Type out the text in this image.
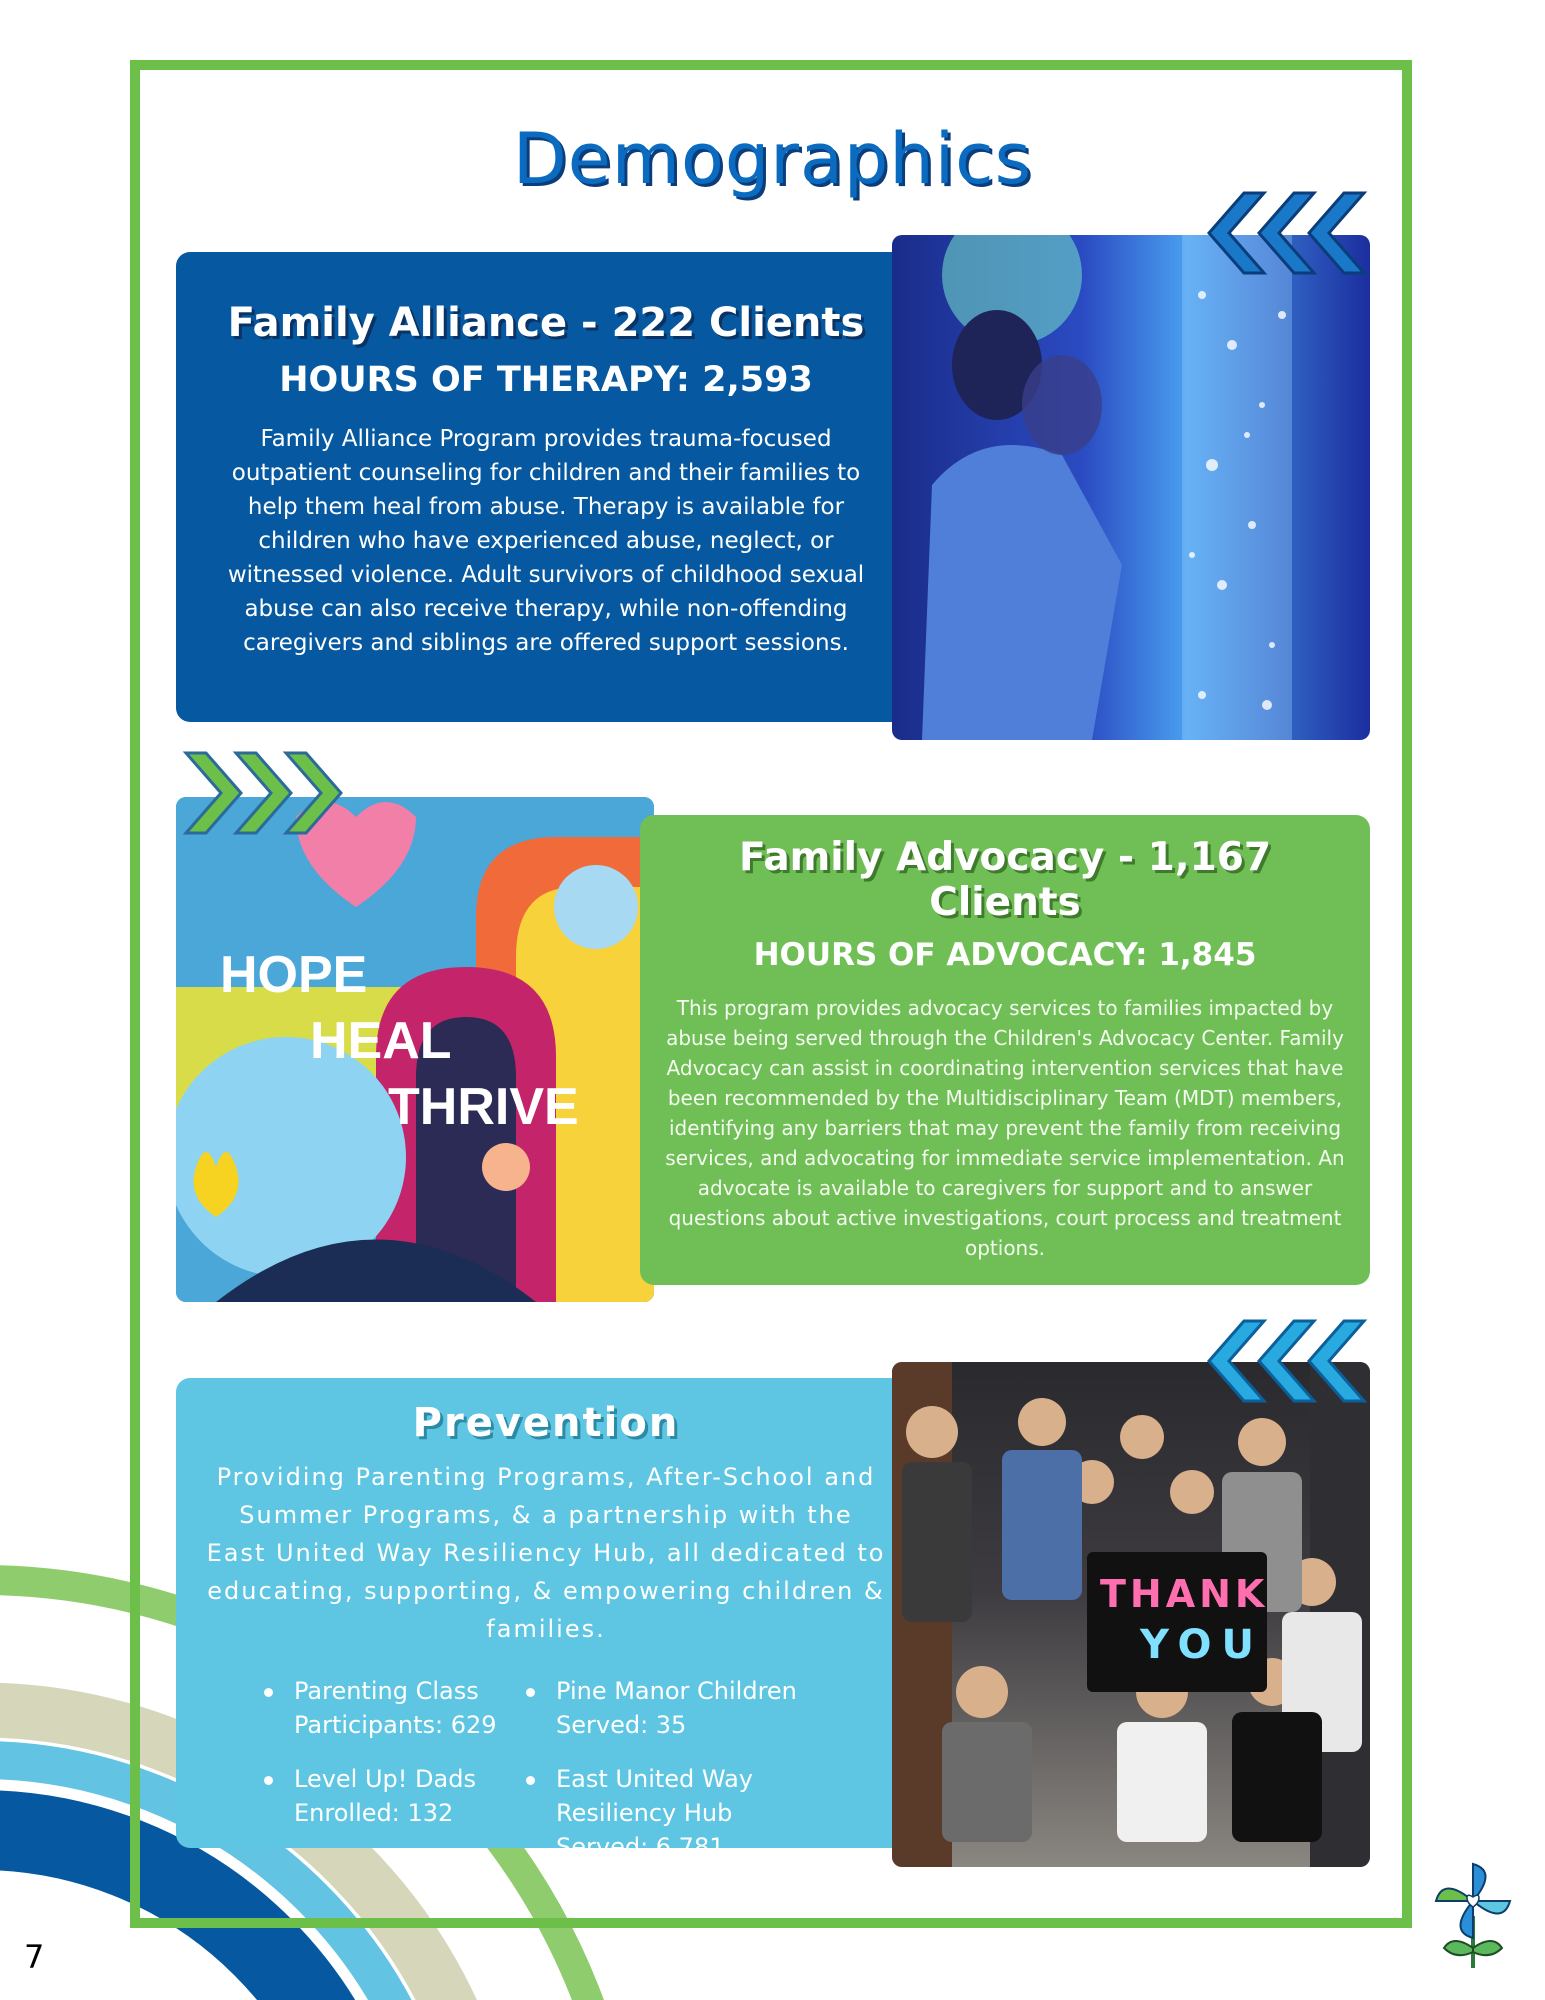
Demographics
Family Alliance - 222 Clients
HOURS OF THERAPY: 2,593

Family Alliance Program provides trauma-focused outpatient counseling for children and their families to help them heal from abuse. Therapy is available for children who have experienced abuse, neglect, or witnessed violence. Adult survivors of childhood sexual abuse can also receive therapy, while non-offending caregivers and siblings are offered support sessions.

HOPE
HEAL
THRIVE
Family Advocacy - 1,167 Clients
HOURS OF ADVOCACY: 1,845

This program provides advocacy services to families impacted by abuse being served through the Children's Advocacy Center. Family Advocacy can assist in coordinating intervention services that have been recommended by the Multidisciplinary Team (MDT) members, identifying any barriers that may prevent the family from receiving services, and advocating for immediate service implementation. An advocate is available to caregivers for support and to answer questions about active investigations, court process and treatment options.

Prevention

Providing Parenting Programs, After-School and Summer Programs, & a partnership with the East United Way Resiliency Hub, all dedicated to educating, supporting, & empowering children & families.

Parenting Class Participants: 629
Pine Manor Children Served: 35
Level Up! Dads Enrolled: 132
East United Way Resiliency Hub Served: 6,781
THANK
YOU
7
